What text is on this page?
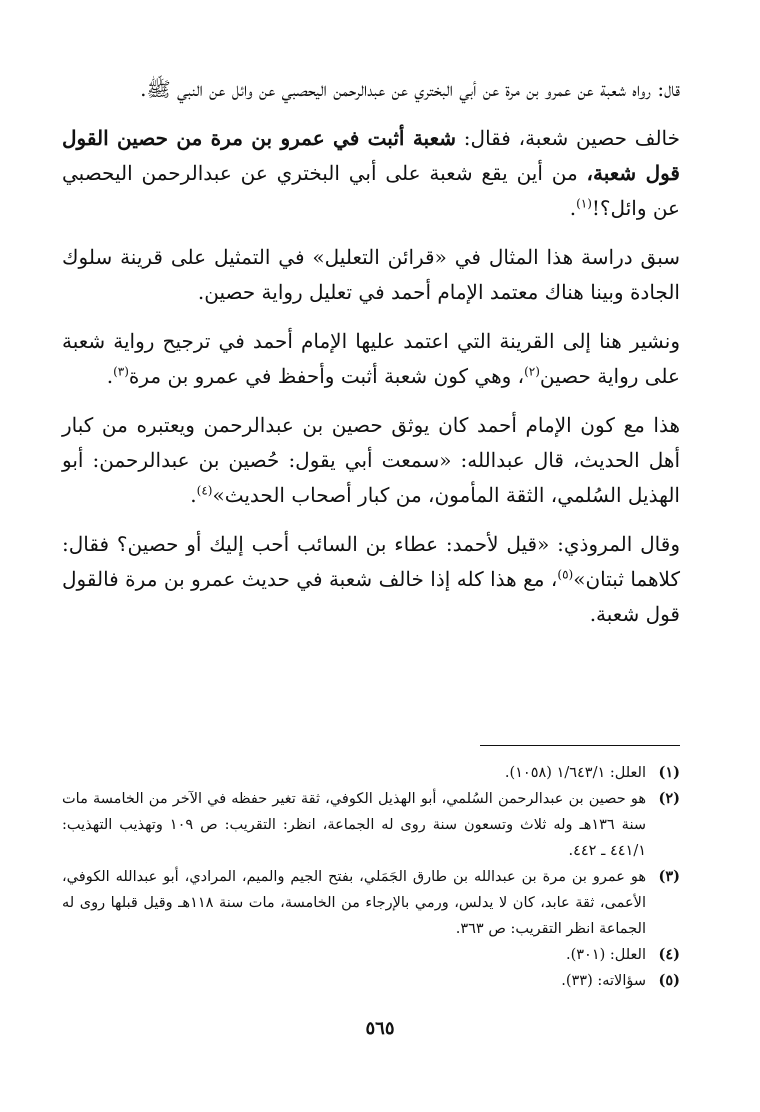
قال: رواه شعبة عن عمرو بن مرة عن أبي البختري عن عبدالرحمن اليحصبي عن وائل عن النبي ﷺ.

خالف حصين شعبة، فقال: شعبة أثبت في عمرو بن مرة من حصين القول قول شعبة، من أين يقع شعبة على أبي البختري عن عبدالرحمن اليحصبي عن وائل؟!$^{(١)}$.

سبق دراسة هذا المثال في «قرائن التعليل» في التمثيل على قرينة سلوك الجادة وبينا هناك معتمد الإمام أحمد في تعليل رواية حصين.

ونشير هنا إلى القرينة التي اعتمد عليها الإمام أحمد في ترجيح رواية شعبة على رواية حصين$^{(٢)}$، وهي كون شعبة أثبت وأحفظ في عمرو بن مرة$^{(٣)}$.

هذا مع كون الإمام أحمد كان يوثق حصين بن عبدالرحمن ويعتبره من كبار أهل الحديث، قال عبدالله: «سمعت أبي يقول: حُصين بن عبدالرحمن: أبو الهذيل السُلمي، الثقة المأمون، من كبار أصحاب الحديث»$^{(٤)}$.

وقال المروذي: «قيل لأحمد: عطاء بن السائب أحب إليك أو حصين؟ فقال: كلاهما ثبتان»$^{(٥)}$، مع هذا كله إذا خالف شعبة في حديث عمرو بن مرة فالقول قول شعبة.

(١)
العلل: ١/٦٤٣/١ (١٠٥٨).
(٢)
هو حصين بن عبدالرحمن السُلمي، أبو الهذيل الكوفي، ثقة تغير حفظه في الآخر من الخامسة مات سنة ١٣٦هـ وله ثلاث وتسعون سنة روى له الجماعة، انظر: التقريب: ص ١٠٩ وتهذيب التهذيب: ٤٤١/١ ـ ٤٤٢.
(٣)
هو عمرو بن مرة بن عبدالله بن طارق الجَمَلي، بفتح الجيم والميم، المرادي، أبو عبدالله الكوفي، الأعمى، ثقة عابد، كان لا يدلس، ورمي بالإرجاء من الخامسة، مات سنة ١١٨هـ وقيل قبلها روى له الجماعة انظر التقريب: ص ٣٦٣.
(٤)
العلل: (٣٠١).
(٥)
سؤالاته: (٣٣).
٥٦٥
